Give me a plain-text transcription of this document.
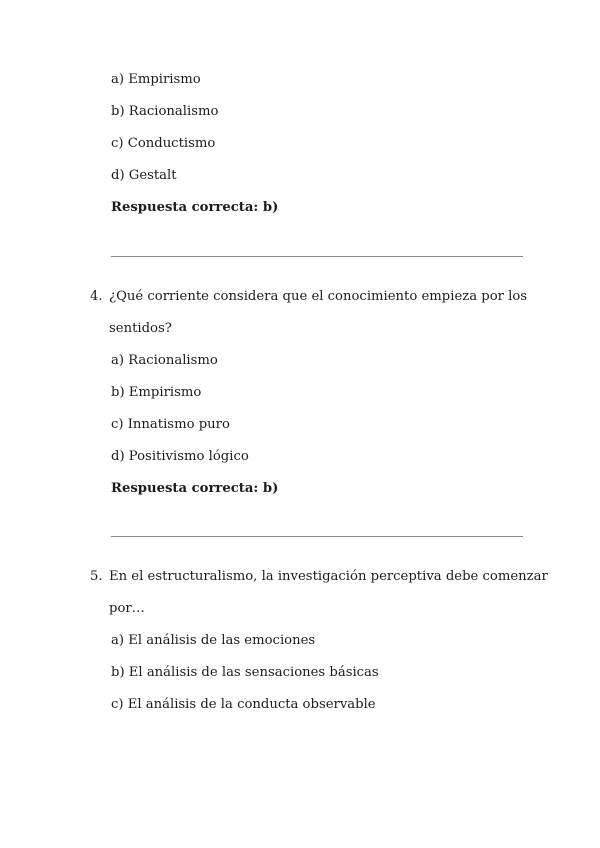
a) Empirismo
b) Racionalismo
c) Conductismo
d) Gestalt
Respuesta correcta: b)
4. ¿Qué corriente considera que el conocimiento empieza por los
sentidos?
a) Racionalismo
b) Empirismo
c) Innatismo puro
d) Positivismo lógico
Respuesta correcta: b)
5. En el estructuralismo, la investigación perceptiva debe comenzar
por…
a) El análisis de las emociones
b) El análisis de las sensaciones básicas
c) El análisis de la conducta observable
